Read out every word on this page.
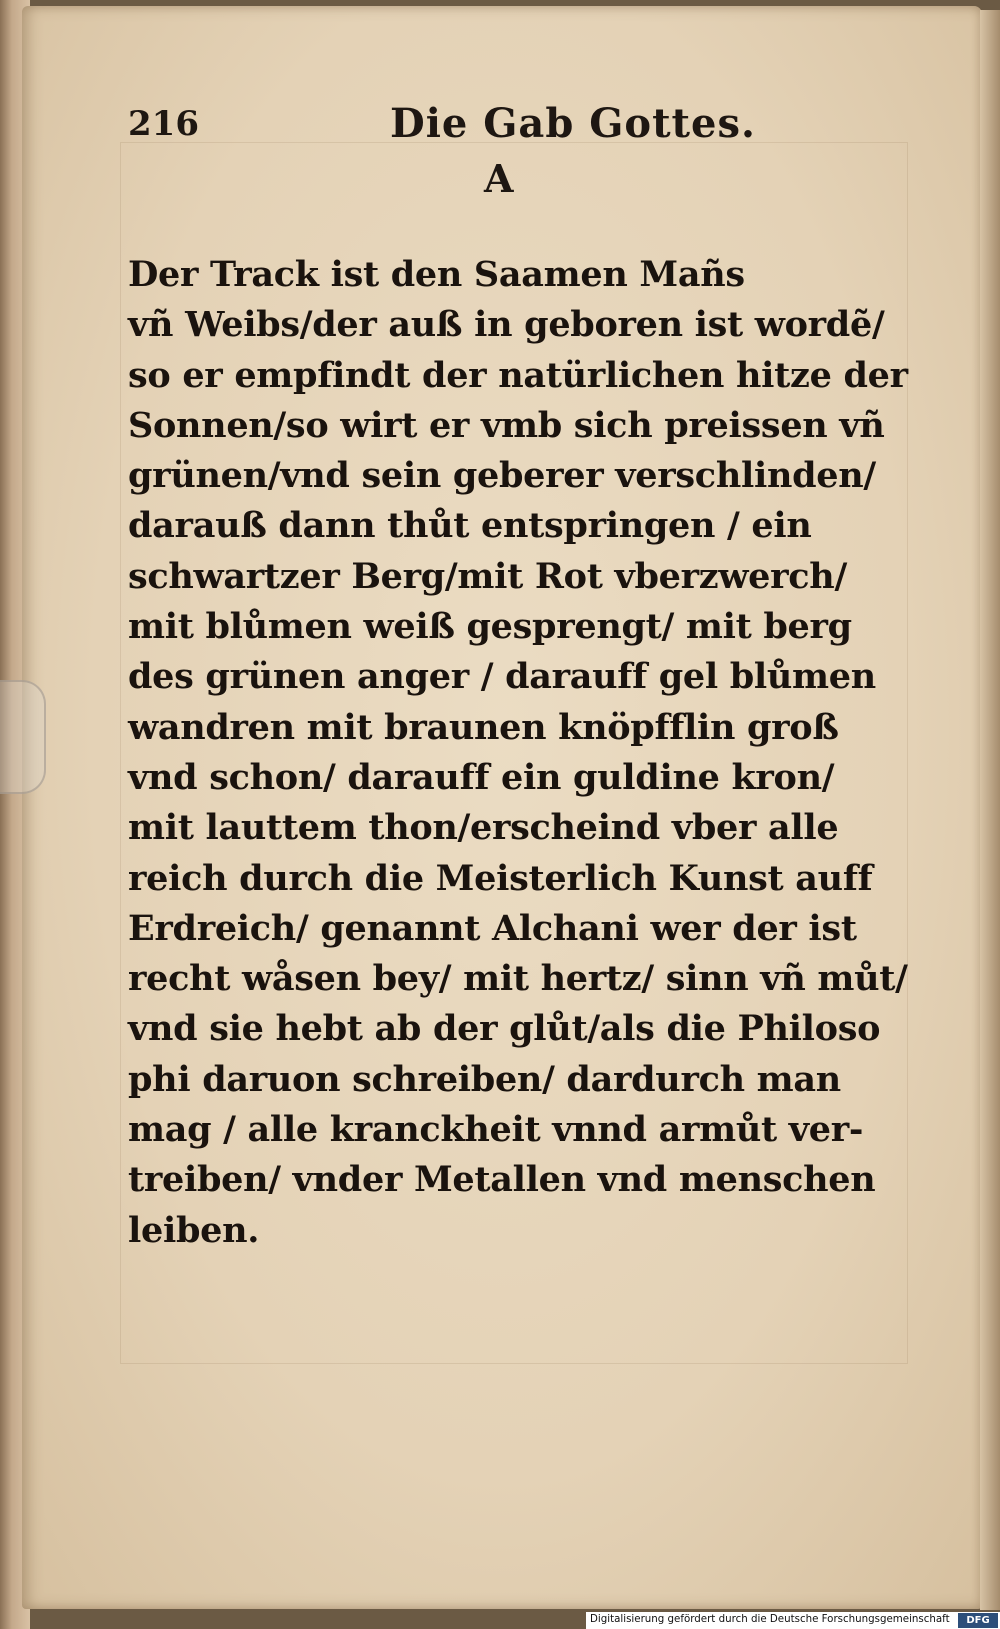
216	Die Gab Gottes.
A
Der Track ist den Saamen Mañs
vñ Weibs/der auß in geboren ist wordẽ/
so er empfindt der natürlichen hitze der
Sonnen/so wirt er vmb sich preissen vñ
grünen/vnd sein geberer verschlinden/
darauß dann thůt entspringen / ein
schwartzer Berg/mit Rot vberzwerch/
mit blůmen weiß gesprengt/ mit berg
des grünen anger / darauff gel blůmen
wandren mit braunen knöpfflin groß
vnd schon/ darauff ein guldine kron/
mit lauttem thon/erscheind vber alle
reich durch die Meisterlich Kunst auff
Erdreich/ genannt Alchani wer der ist
recht wåsen bey/ mit hertz/ sinn vñ můt/
vnd sie hebt ab der glůt/als die Philoso
phi daruon schreiben/ dardurch man
mag / alle kranckheit vnnd armůt ver-
treiben/ vnder Metallen vnd menschen
leiben.
Digitalisierung gefördert durch die Deutsche Forschungsgemeinschaft	DFG
